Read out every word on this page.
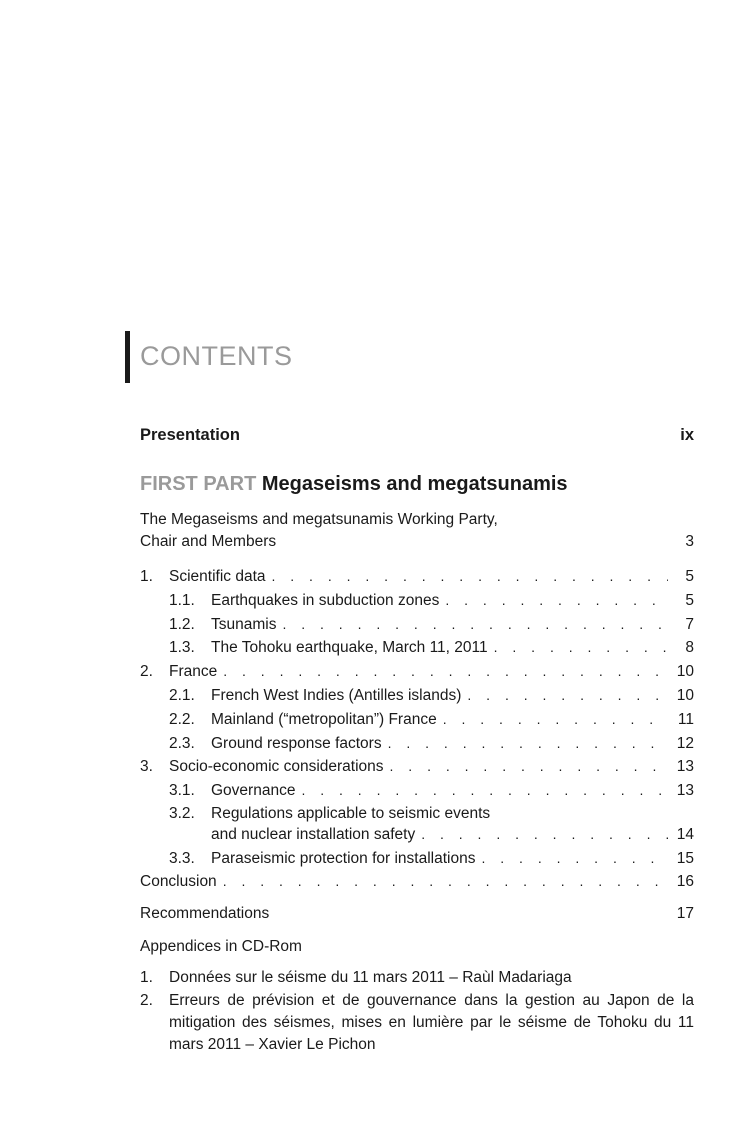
CONTENTS
Presentation	ix
FIRST PART Megaseisms and megatsunamis
The Megaseisms and megatsunamis Working Party,
Chair and Members	3
1.	Scientific data . . .	5
1.1.	Earthquakes in subduction zones . . .	5
1.2.	Tsunamis . . .	7
1.3.	The Tohoku earthquake, March 11, 2011 . . .	8
2.	France . . .	10
2.1.	French West Indies (Antilles islands) . . .	10
2.2.	Mainland (“metropolitan”) France . . .	11
2.3.	Ground response factors . . .	12
3.	Socio-economic considerations . . .	13
3.1.	Governance . . .	13
3.2.	Regulations applicable to seismic events
and nuclear installation safety . . .	14
3.3.	Paraseismic protection for installations . . .	15
Conclusion . . .	16
Recommendations	17
Appendices in CD-Rom
1.	Données sur le séisme du 11 mars 2011 – Raùl Madariaga
2.	Erreurs de prévision et de gouvernance dans la gestion au Japon de la mitigation des séismes, mises en lumière par le séisme de Tohoku du 11 mars 2011 – Xavier Le Pichon
